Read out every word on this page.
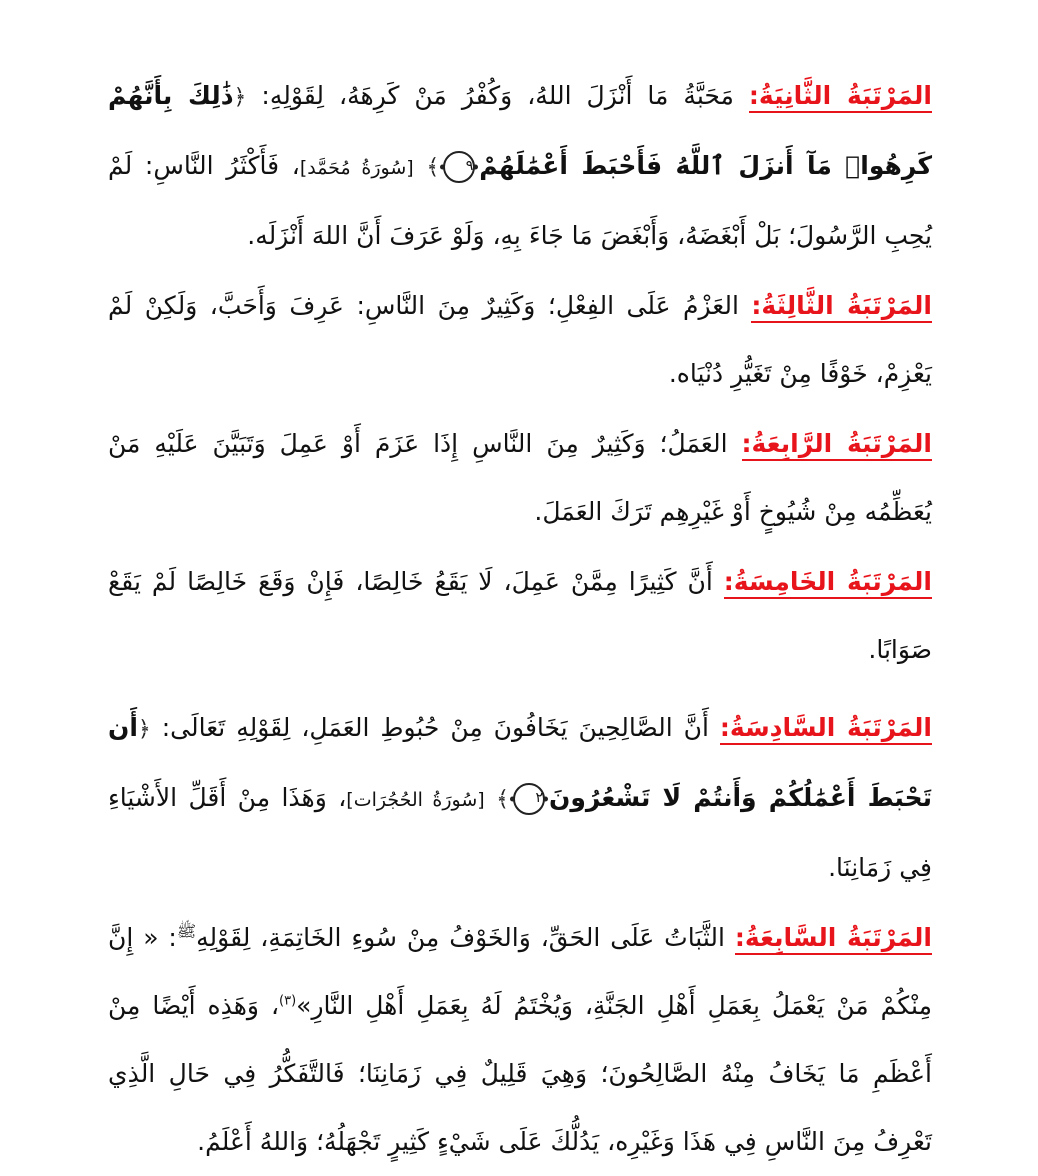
المَرْتَبَةُ الثَّانِيَةُ: مَحَبَّةُ مَا أَنْزَلَ اللهُ، وَكُفْرُ مَنْ كَرِهَهُ، لِقَوْلِهِ: ﴿ذَٰلِكَ بِأَنَّهُمْ كَرِهُوا۟ مَآ أَنزَلَ ٱللَّهُ فَأَحْبَطَ أَعْمَٰلَهُمْ٩﴾ [سُورَةُ مُحَمَّد]، فَأَكْثَرُ النَّاسِ: لَمْ يُحِبِ الرَّسُولَ؛ بَلْ أَبْغَضَهُ، وَأَبْغَضَ مَا جَاءَ بِهِ، وَلَوْ عَرَفَ أَنَّ اللهَ أَنْزَلَه.

المَرْتَبَةُ الثَّالِثَةُ: العَزْمُ عَلَى الفِعْلِ؛ وَكَثِيرٌ مِنَ النَّاسِ: عَرِفَ وَأَحَبَّ، وَلَكِنْ لَمْ يَعْزِمْ، خَوْفًا مِنْ تَغَيُّرِ دُنْيَاه.

المَرْتَبَةُ الرَّابِعَةُ: العَمَلُ؛ وَكَثِيرٌ مِنَ النَّاسِ إِذَا عَزَمَ أَوْ عَمِلَ وَتَبَيَّنَ عَلَيْهِ مَنْ يُعَظِّمُه مِنْ شُيُوخٍ أَوْ غَيْرِهِم تَرَكَ العَمَلَ.

المَرْتَبَةُ الخَامِسَةُ: أَنَّ كَثِيرًا مِمَّنْ عَمِلَ، لَا يَقَعُ خَالِصًا، فَإِنْ وَقَعَ خَالِصًا لَمْ يَقَعْ صَوَابًا.

المَرْتَبَةُ السَّادِسَةُ: أَنَّ الصَّالِحِينَ يَخَافُونَ مِنْ حُبُوطِ العَمَلِ، لِقَوْلِهِ تَعَالَى: ﴿أَن تَحْبَطَ أَعْمَٰلُكُمْ وَأَنتُمْ لَا تَشْعُرُونَ٢﴾ [سُورَةُ الحُجُرَات]، وَهَذَا مِنْ أَقَلِّ الأَشْيَاءِ فِي زَمَانِنَا.

المَرْتَبَةُ السَّابِعَةُ: الثَّبَاتُ عَلَى الحَقِّ، وَالخَوْفُ مِنْ سُوءِ الخَاتِمَةِ، لِقَوْلِهِ$^ﷺ$: « إِنَّ مِنْكُمْ مَنْ يَعْمَلُ بِعَمَلِ أَهْلِ الجَنَّةِ، وَيُخْتَمُ لَهُ بِعَمَلِ أَهْلِ النَّارِ»$^{(٣)}$، وَهَذِه أَيْضًا مِنْ أَعْظَمِ مَا يَخَافُ مِنْهُ الصَّالِحُونَ؛ وَهِيَ قَلِيلٌ فِي زَمَانِنَا؛ فَالتَّفَكُّرُ فِي حَالِ الَّذِي تَعْرِفُ مِنَ النَّاسِ فِي هَذَا وَغَيْرِه، يَدُلُّكَ عَلَى شَيْءٍ كَثِيرٍ تَجْهَلُهُ؛ وَاللهُ أَعْلَمُ.
